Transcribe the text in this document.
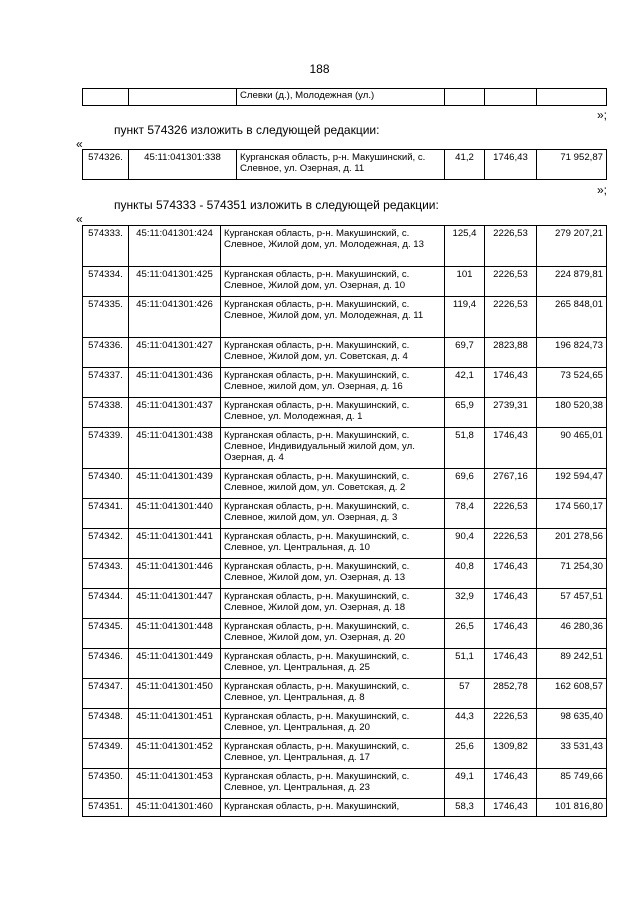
188
		Слевки (д.), Молодежная (ул.)			
»;
пункт 574326 изложить в следующей редакции:
«
574326.	45:11:041301:338	Курганская область, р-н. Макушинский, с. Слевное, ул. Озерная, д. 11	41,2	1746,43	71 952,87
»;
пункты 574333 - 574351 изложить в следующей редакции:
«
574333.	45:11:041301:424	Курганская область, р-н. Макушинский, с. Слевное, Жилой дом, ул. Молодежная, д. 13	125,4	2226,53	279 207,21
574334.	45:11:041301:425	Курганская область, р-н. Макушинский, с. Слевное, Жилой дом, ул. Озерная, д. 10	101	2226,53	224 879,81
574335.	45:11:041301:426	Курганская область, р-н. Макушинский, с. Слевное, Жилой дом, ул. Молодежная, д. 11	119,4	2226,53	265 848,01
574336.	45:11:041301:427	Курганская область, р-н. Макушинский, с. Слевное, Жилой дом, ул. Советская, д. 4	69,7	2823,88	196 824,73
574337.	45:11:041301:436	Курганская область, р-н. Макушинский, с. Слевное, жилой дом, ул. Озерная, д. 16	42,1	1746,43	73 524,65
574338.	45:11:041301:437	Курганская область, р-н. Макушинский, с. Слевное, ул. Молодежная, д. 1	65,9	2739,31	180 520,38
574339.	45:11:041301:438	Курганская область, р-н. Макушинский, с. Слевное, Индивидуальный жилой дом, ул. Озерная, д. 4	51,8	1746,43	90 465,01
574340.	45:11:041301:439	Курганская область, р-н. Макушинский, с. Слевное, жилой дом, ул. Советская, д. 2	69,6	2767,16	192 594,47
574341.	45:11:041301:440	Курганская область, р-н. Макушинский, с. Слевное, жилой дом, ул. Озерная, д. 3	78,4	2226,53	174 560,17
574342.	45:11:041301:441	Курганская область, р-н. Макушинский, с. Слевное, ул. Центральная, д. 10	90,4	2226,53	201 278,56
574343.	45:11:041301:446	Курганская область, р-н. Макушинский, с. Слевное, Жилой дом, ул. Озерная, д. 13	40,8	1746,43	71 254,30
574344.	45:11:041301:447	Курганская область, р-н. Макушинский, с. Слевное, Жилой дом, ул. Озерная, д. 18	32,9	1746,43	57 457,51
574345.	45:11:041301:448	Курганская область, р-н. Макушинский, с. Слевное, Жилой дом, ул. Озерная, д. 20	26,5	1746,43	46 280,36
574346.	45:11:041301:449	Курганская область, р-н. Макушинский, с. Слевное, ул. Центральная, д. 25	51,1	1746,43	89 242,51
574347.	45:11:041301:450	Курганская область, р-н. Макушинский, с. Слевное, ул. Центральная, д. 8	57	2852,78	162 608,57
574348.	45:11:041301:451	Курганская область, р-н. Макушинский, с. Слевное, ул. Центральная, д. 20	44,3	2226,53	98 635,40
574349.	45:11:041301:452	Курганская область, р-н. Макушинский, с. Слевное, ул. Центральная, д. 17	25,6	1309,82	33 531,43
574350.	45:11:041301:453	Курганская область, р-н. Макушинский, с. Слевное, ул. Центральная, д. 23	49,1	1746,43	85 749,66
574351.	45:11:041301:460	Курганская область, р-н. Макушинский,	58,3	1746,43	101 816,80
